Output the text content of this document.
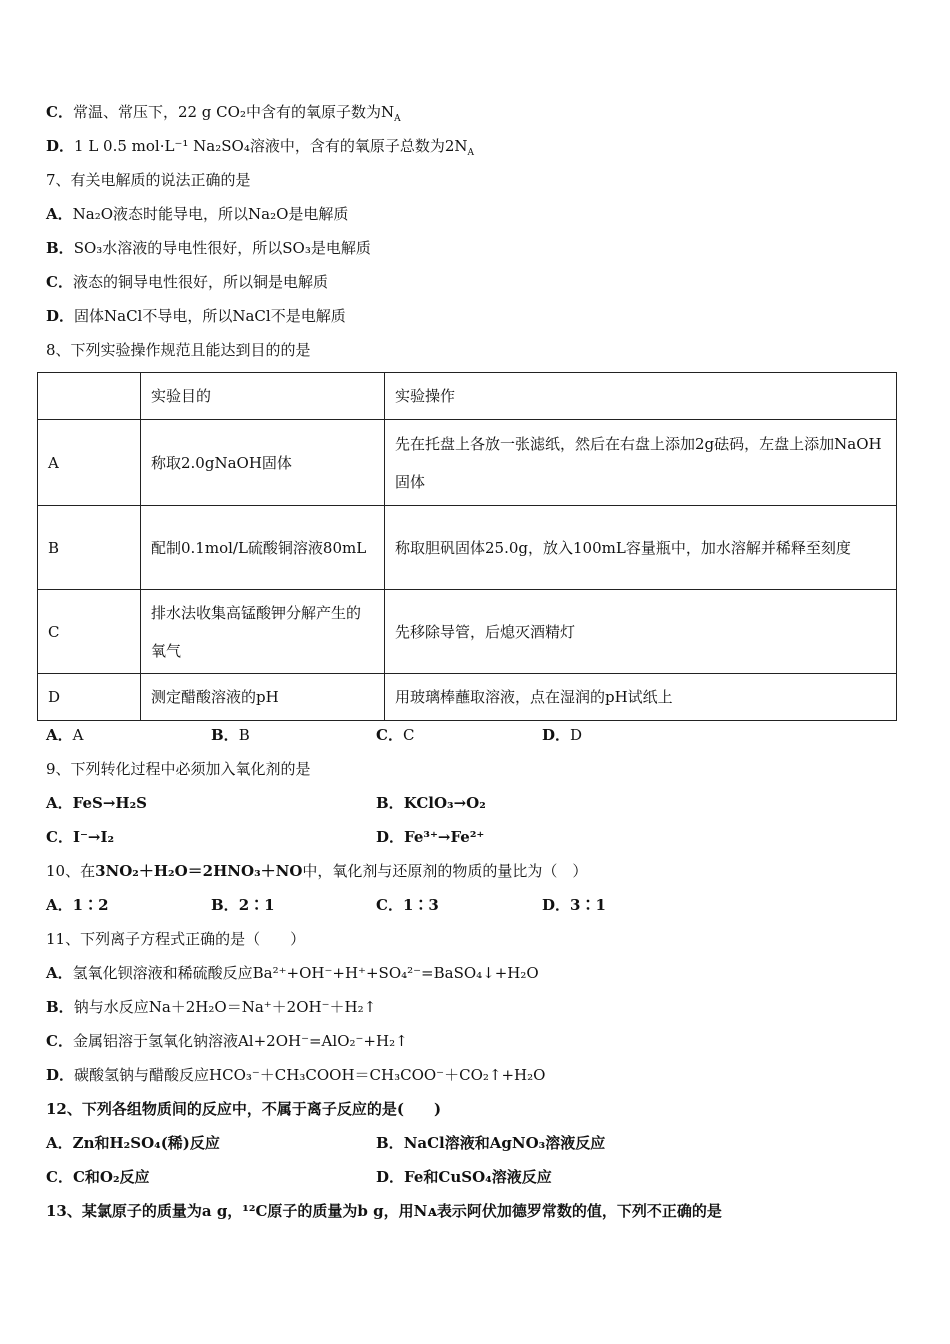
C．常温、常压下，22 g CO₂中含有的氧原子数为$N_A$
D．1 L 0.5 mol·L⁻¹ Na₂SO₄溶液中，含有的氧原子总数为$2N_A$
7、有关电解质的说法正确的是
A．Na₂O液态时能导电，所以Na₂O是电解质
B．SO₃水溶液的导电性很好，所以SO₃是电解质
C．液态的铜导电性很好，所以铜是电解质
D．固体NaCl不导电，所以NaCl不是电解质
8、下列实验操作规范且能达到目的的是
	实验目的	实验操作
A	称取2.0gNaOH固体	先在托盘上各放一张滤纸，然后在右盘上添加2g砝码，左盘上添加NaOH固体
B	配制0.1mol/L硫酸铜溶液80mL	称取胆矾固体25.0g，放入100mL容量瓶中，加水溶解并稀释至刻度
C	排水法收集高锰酸钾分解产生的氧气	先移除导管，后熄灭酒精灯
D	测定醋酸溶液的pH	用玻璃棒蘸取溶液，点在湿润的pH试纸上
A．A	B．B	C．C	D．D
9、下列转化过程中必须加入氧化剂的是
A．FeS→H₂S	B．KClO₃→O₂
C．I⁻→I₂	D．Fe³⁺→Fe²⁺
10、在3NO₂＋H₂O＝2HNO₃＋NO中，氧化剂与还原剂的物质的量比为（　）
A．1∶2	B．2∶1	C．1∶3	D．3∶1
11、下列离子方程式正确的是（　　）
A．氢氧化钡溶液和稀硫酸反应Ba²⁺+OH⁻+H⁺+SO₄²⁻=BaSO₄↓+H₂O
B．钠与水反应Na＋2H₂O＝Na⁺＋2OH⁻＋H₂↑
C．金属铝溶于氢氧化钠溶液Al+2OH⁻=AlO₂⁻+H₂↑
D．碳酸氢钠与醋酸反应HCO₃⁻＋CH₃COOH＝CH₃COO⁻＋CO₂↑+H₂O
12、下列各组物质间的反应中，不属于离子反应的是(　　)
A．Zn和H₂SO₄(稀)反应	B．NaCl溶液和AgNO₃溶液反应
C．C和O₂反应	D．Fe和CuSO₄溶液反应
13、某氯原子的质量为a g，¹²C原子的质量为b g，用Nᴀ表示阿伏加德罗常数的值，下列不正确的是
